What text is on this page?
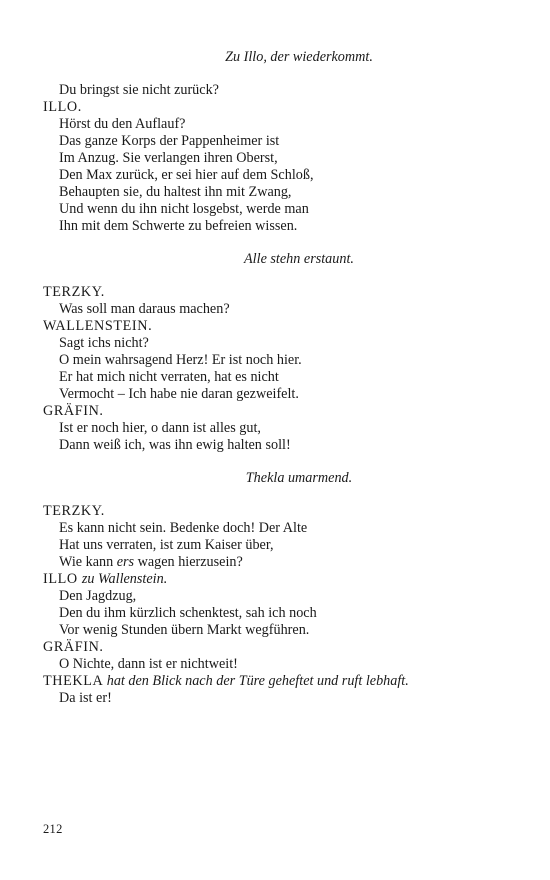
Zu Illo, der wiederkommt.
Du bringst sie nicht zurück?
ILLO.
Hörst du den Auflauf?
Das ganze Korps der Pappenheimer ist
Im Anzug. Sie verlangen ihren Oberst,
Den Max zurück, er sei hier auf dem Schloß,
Behaupten sie, du haltest ihn mit Zwang,
Und wenn du ihn nicht losgebst, werde man
Ihn mit dem Schwerte zu befreien wissen.
Alle stehn erstaunt.
TERZKY.
Was soll man daraus machen?
WALLENSTEIN.
Sagt ichs nicht?
O mein wahrsagend Herz! Er ist noch hier.
Er hat mich nicht verraten, hat es nicht
Vermocht – Ich habe nie daran gezweifelt.
GRÄFIN.
Ist er noch hier, o dann ist alles gut,
Dann weiß ich, was ihn ewig halten soll!
Thekla umarmend.
TERZKY.
Es kann nicht sein. Bedenke doch! Der Alte
Hat uns verraten, ist zum Kaiser über,
Wie kann ers wagen hierzusein?
ILLO zu Wallenstein.
Den Jagdzug,
Den du ihm kürzlich schenktest, sah ich noch
Vor wenig Stunden übern Markt wegführen.
GRÄFIN.
O Nichte, dann ist er nichtweit!
THEKLA hat den Blick nach der Türe geheftet und ruft lebhaft.
Da ist er!
212
